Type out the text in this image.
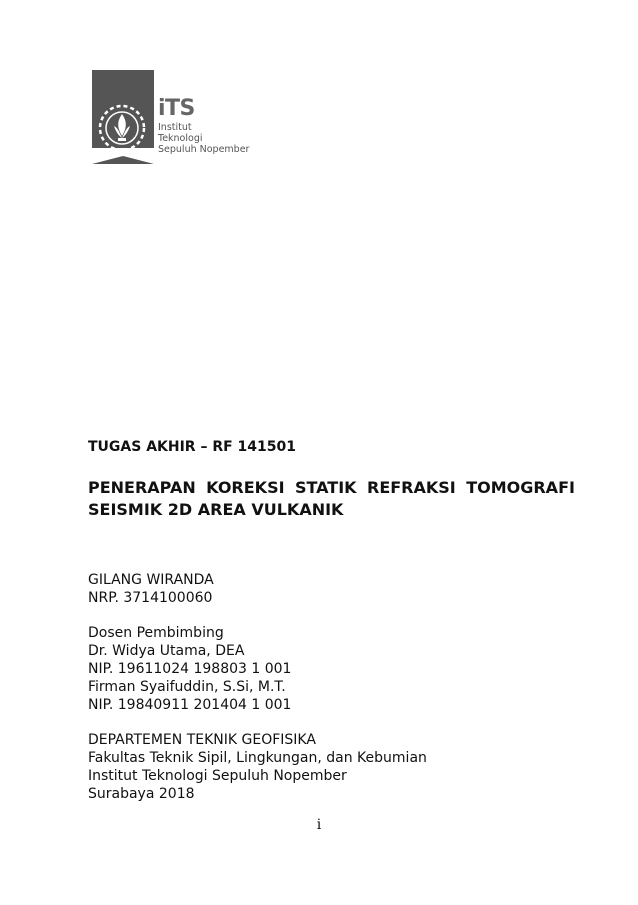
iTS
Institut
Teknologi
Sepuluh Nopember
TUGAS AKHIR – RF 141501
PENERAPAN KOREKSI STATIK REFRAKSI TOMOGRAFI
SEISMIK 2D AREA VULKANIK
GILANG WIRANDA
NRP. 3714100060
Dosen Pembimbing
Dr. Widya Utama, DEA
NIP. 19611024 198803 1 001
Firman Syaifuddin, S.Si, M.T.
NIP. 19840911 201404 1 001
DEPARTEMEN TEKNIK GEOFISIKA
Fakultas Teknik Sipil, Lingkungan, dan Kebumian
Institut Teknologi Sepuluh Nopember
Surabaya 2018
i
